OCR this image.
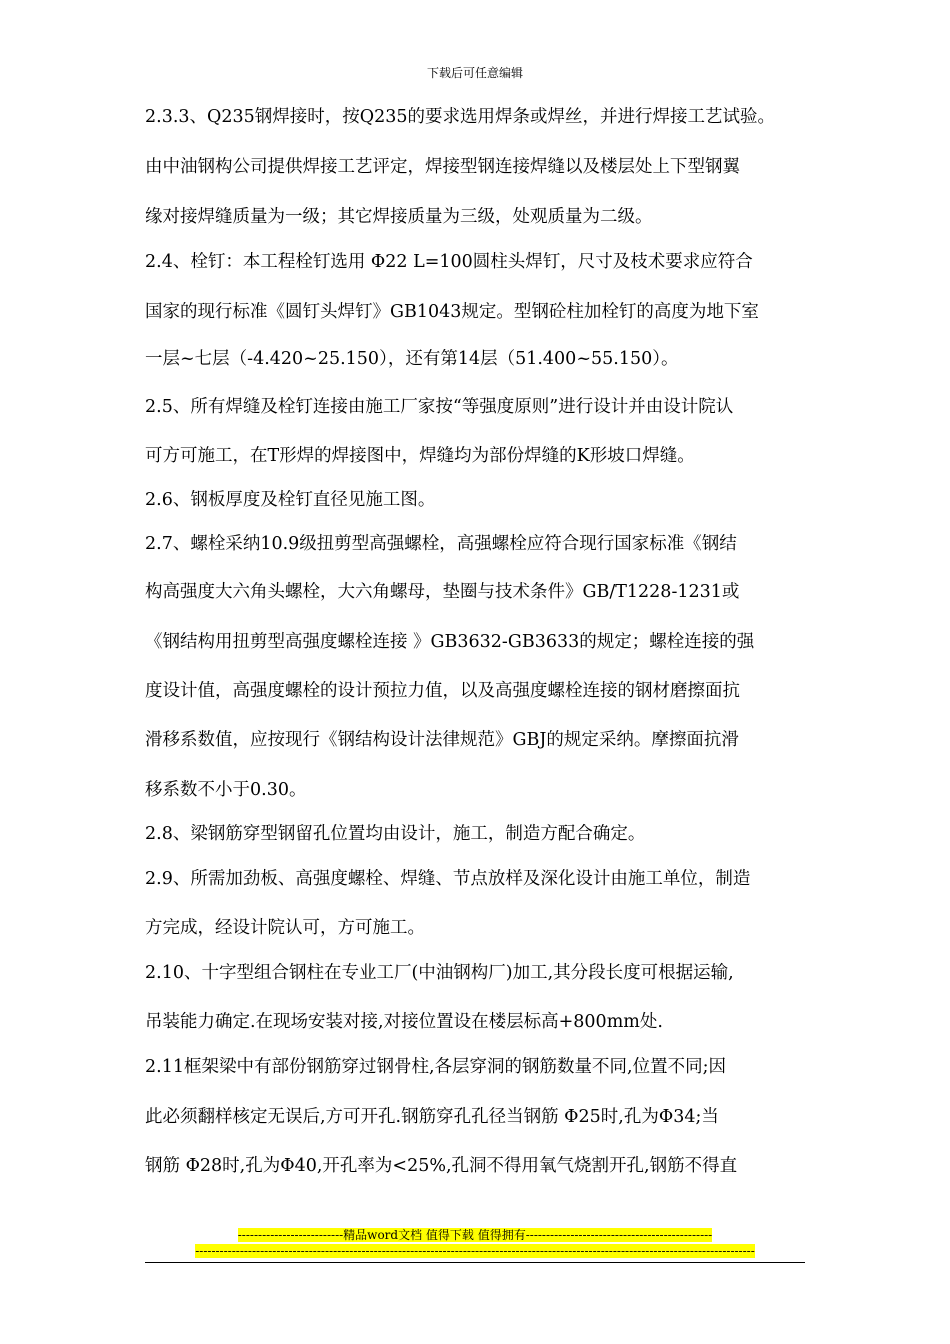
下载后可任意编辑
2.3.3、Q235钢焊接时，按Q235的要求选用焊条或焊丝，并进行焊接工艺试验。
由中油钢构公司提供焊接工艺评定，焊接型钢连接焊缝以及楼层处上下型钢翼
缘对接焊缝质量为一级；其它焊接质量为三级，处观质量为二级。
2.4、栓钉：本工程栓钉选用 Φ22 L=100圆柱头焊钉，尺寸及枝术要求应符合
国家的现行标准《圆钉头焊钉》GB1043规定。型钢砼柱加栓钉的高度为地下室
一层~七层（-4.420~25.150），还有第14层（51.400~55.150）。
2.5、所有焊缝及栓钉连接由施工厂家按“等强度原则”进行设计并由设计院认
可方可施工，在T形焊的焊接图中，焊缝均为部份焊缝的K形坡口焊缝。
2.6、钢板厚度及栓钉直径见施工图。
2.7、螺栓采纳10.9级扭剪型高强螺栓，高强螺栓应符合现行国家标准《钢结
构高强度大六角头螺栓，大六角螺母，垫圈与技术条件》GB/T1228-1231或
《钢结构用扭剪型高强度螺栓连接 》GB3632-GB3633的规定；螺栓连接的强
度设计值，高强度螺栓的设计预拉力值，以及高强度螺栓连接的钢材磨擦面抗
滑移系数值，应按现行《钢结构设计法律规范》GBJ的规定采纳。摩擦面抗滑
移系数不小于0.30。
2.8、梁钢筋穿型钢留孔位置均由设计，施工，制造方配合确定。
2.9、所需加劲板、高强度螺栓、焊缝、节点放样及深化设计由施工单位，制造
方完成，经设计院认可，方可施工。
2.10、十字型组合钢柱在专业工厂(中油钢构厂)加工,其分段长度可根据运输,
吊装能力确定.在现场安装对接,对接位置设在楼层标高+800mm处.
2.11框架梁中有部份钢筋穿过钢骨柱,各层穿洞的钢筋数量不同,位置不同;因
此必须翻样核定无误后,方可开孔.钢筋穿孔孔径当钢筋 Φ25时,孔为Φ34;当
钢筋 Φ28时,孔为Φ40,开孔率为<25%,孔洞不得用氧气烧割开孔,钢筋不得直
--------------------------精品word文档 值得下载 值得拥有----------------------------------------------
------------------------------------------------------------------------------------------------------------------------------------------
